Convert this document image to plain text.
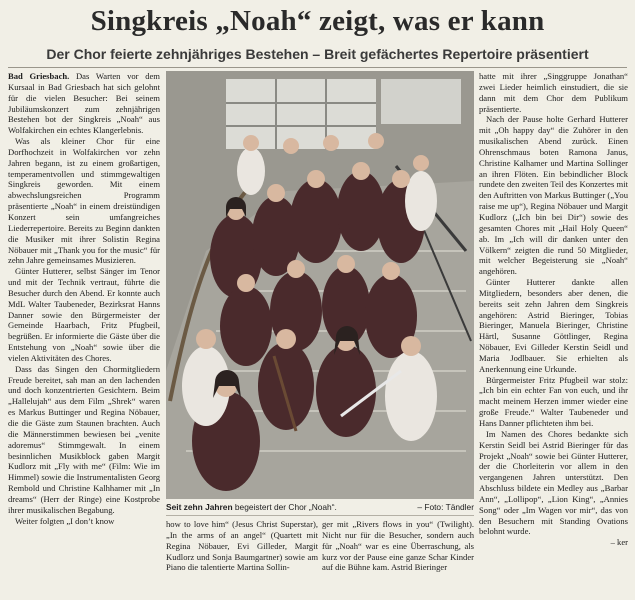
Singkreis „Noah“ zeigt, was er kann
Der Chor feierte zehnjähriges Bestehen – Breit gefächertes Repertoire präsentiert

Bad Griesbach. Das Warten vor dem Kursaal in Bad Griesbach hat sich gelohnt für die vielen Besucher: Bei seinem Jubiläumskonzert zum zehnjährigen Bestehen bot der Singkreis „Noah“ aus Wolfakirchen ein echtes Klangerlebnis.

Was als kleiner Chor für eine Dorfhochzeit in Wolfakirchen vor zehn Jahren begann, ist zu einem großartigen, temperamentvollen und stimmgewaltigen Singkreis geworden. Mit einem abwechslungsreichen Programm präsentierte „Noah“ in einem dreistündigen Konzert sein umfangreiches Liederrepertoire. Bereits zu Beginn dankten die Musiker mit ihrer Solistin Regina Nöbauer mit „Thank you for the music“ für zehn Jahre gemeinsames Musizieren.

Günter Hutterer, selbst Sänger im Tenor und mit der Technik vertraut, führte die Besucher durch den Abend. Er konnte auch MdL Walter Taubeneder, Bezirksrat Hanns Danner sowie den Bürgermeister der Gemeinde Haarbach, Fritz Pfugbeil, begrüßen. Er informierte die Gäste über die Entstehung von „Noah“ sowie über die vielen Aktivitäten des Chores.

Dass das Singen den Chormitgliedern Freude bereitet, sah man an den lachenden und doch konzentrierten Gesichtern. Beim „Hallelujah“ aus dem Film „Shrek“ waren es Markus Buttinger und Regina Nöbauer, die die Gäste zum Staunen brachten. Auch die Männerstimmen bewiesen bei „venite adoremus“ Stimmgewalt. In einem besinnlichen Musikblock gaben Margit Kudlorz mit „Fly with me“ (Film: Wie im Himmel) sowie die Instrumentalisten Georg Rembold und Christine Kalhhamer mit „In dreams“ (Herr der Ringe) eine Kostprobe ihrer musikalischen Begabung.

Weiter folgten „I don’t know

Seit zehn Jahren begeistert der Chor „Noah“.	– Foto: Tändler

how to love him“ (Jesus Christ Superstar), „In the arms of an angel“ (Quartett mit Regina Nöbauer, Evi Gilleder, Margit Kudlorz und Sonja Baumgartner) sowie am Piano die talentierte Martina Sollin-

ger mit „Rivers flows in you“ (Twilight). Nicht nur für die Besucher, sondern auch für „Noah“ war es eine Überraschung, als kurz vor der Pause eine ganze Schar Kinder auf die Bühne kam. Astrid Bieringer

hatte mit ihrer „Singgruppe Jonathan“ zwei Lieder heimlich einstudiert, die sie dann mit dem Chor dem Publikum präsentierte.

Nach der Pause holte Gerhard Hutterer mit „Oh happy day“ die Zuhörer in den musikalischen Abend zurück. Einen Ohrenschmaus boten Ramona Janus, Christine Kalhamer und Martina Sollinger an ihren Flöten. Ein bebindlicher Block rundete den zweiten Teil des Konzertes mit den Auftritten von Markus Buttinger („You raise me up“), Regina Nöbauer und Margit Kudlorz („Ich bin bei Dir“) sowie des gesamten Chores mit „Hail Holy Queen“ ab. Im „Ich will dir danken unter den Völkern“ zeigten die rund 50 Mitglieder, mit welcher Begeisterung sie „Noah“ angehören.

Günter Hutterer dankte allen Mitgliedern, besonders aber denen, die bereits seit zehn Jahren dem Singkreis angehören: Astrid Bieringer, Tobias Bieringer, Manuela Bieringer, Christine Härtl, Susanne Göttlinger, Regina Nöbauer, Evi Gilleder Kerstin Seidl und Maria Jodlbauer. Sie erhielten als Anerkennung eine Urkunde.

Bürgermeister Fritz Pfugbeil war stolz: „Ich bin ein echter Fan von euch, und ihr macht meinem Herzen immer wieder eine große Freude.“ Walter Taubeneder und Hans Danner pflichteten ihm bei.

Im Namen des Chores bedankte sich Kerstin Seidl bei Astrid Bieringer für das Projekt „Noah“ sowie bei Günter Hutterer, der die Chorleiterin vor allem in den vergangenen Jahren unterstützt. Den Abschluss bildete ein Medley aus „Barbar Ann“, „Lollipop“, „Lion King“, „Annies Song“ oder „Im Wagen vor mir“, das von den Besuchern mit Standing Ovations belohnt wurde.

– ker
